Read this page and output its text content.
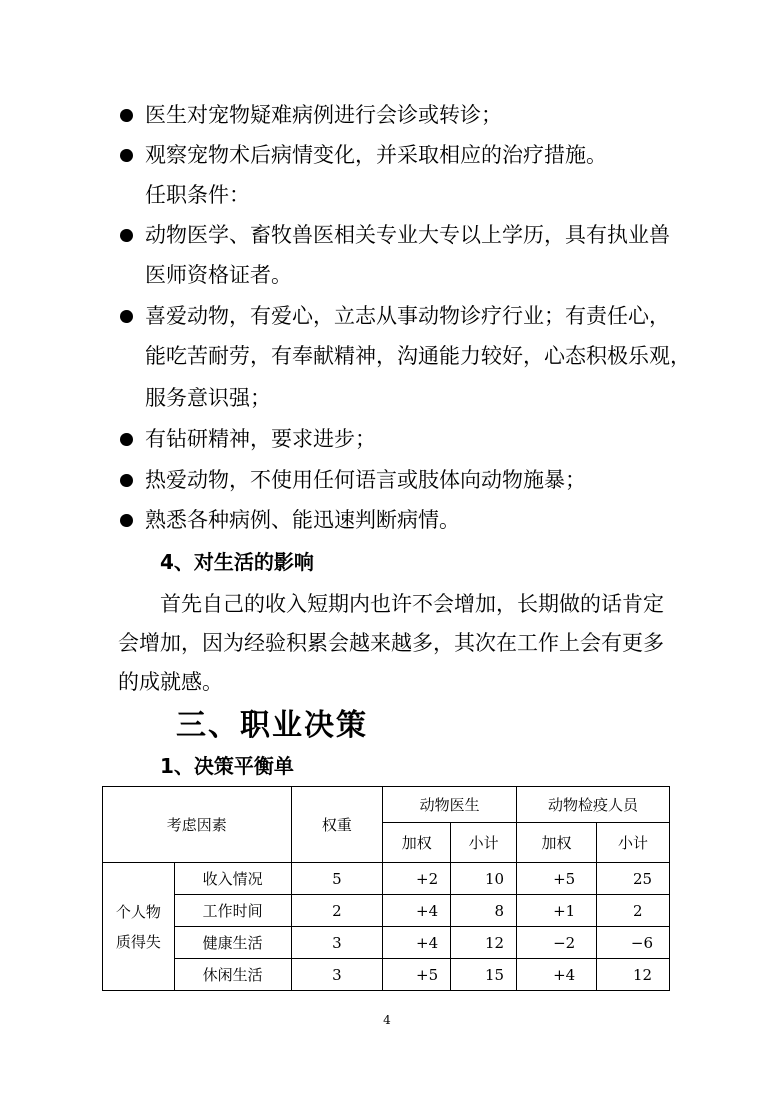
医生对宠物疑难病例进行会诊或转诊；
观察宠物术后病情变化，并采取相应的治疗措施。
任职条件：
动物医学、畜牧兽医相关专业大专以上学历，具有执业兽
医师资格证者。
喜爱动物，有爱心，立志从事动物诊疗行业；有责任心，
能吃苦耐劳，有奉献精神，沟通能力较好，心态积极乐观，
服务意识强；
有钻研精神，要求进步；
热爱动物，不使用任何语言或肢体向动物施暴；
熟悉各种病例、能迅速判断病情。
4、对生活的影响
首先自己的收入短期内也许不会增加，长期做的话肯定
会增加，因为经验积累会越来越多，其次在工作上会有更多
的成就感。
三、职业决策
1、决策平衡单
考虑因素		权重	动物医生		动物检疫人员	
			加权	小计	加权	小计

个人物
质得失	收入情况	5	+2	10	+5	25
	工作时间	2	+4	8	+1	2
	健康生活	3	+4	12	−2	−6
	休闲生活	3	+5	15	+4	12
4
